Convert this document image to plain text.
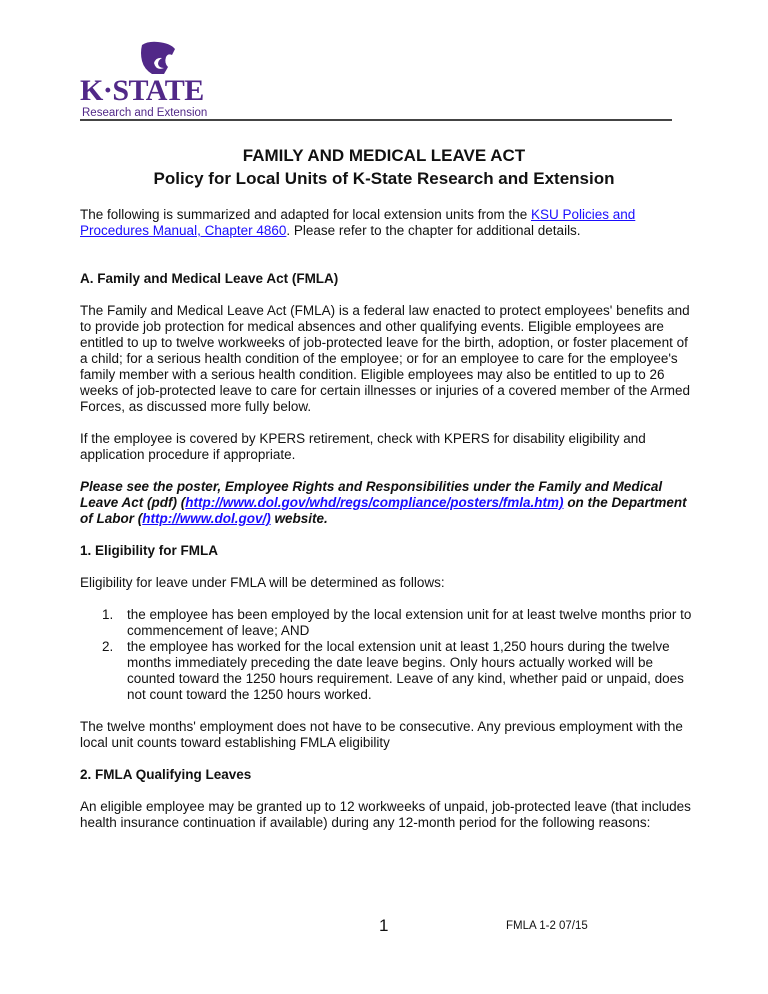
K·STATE
Research and Extension
FAMILY AND MEDICAL LEAVE ACT
Policy for Local Units of K-State Research and Extension

The following is summarized and adapted for local extension units from the KSU Policies and Procedures Manual, Chapter 4860. Please refer to the chapter for additional details.

A. Family and Medical Leave Act (FMLA)

The Family and Medical Leave Act (FMLA) is a federal law enacted to protect employees' benefits and to provide job protection for medical absences and other qualifying events. Eligible employees are entitled to up to twelve workweeks of job-protected leave for the birth, adoption, or foster placement of a child; for a serious health condition of the employee; or for an employee to care for the employee's family member with a serious health condition. Eligible employees may also be entitled to up to 26 weeks of job-protected leave to care for certain illnesses or injuries of a covered member of the Armed Forces, as discussed more fully below.

If the employee is covered by KPERS retirement, check with KPERS for disability eligibility and application procedure if appropriate.

Please see the poster, Employee Rights and Responsibilities under the Family and Medical Leave Act (pdf) (http://www.dol.gov/whd/regs/compliance/posters/fmla.htm) on the Department of Labor (http://www.dol.gov/) website.

1. Eligibility for FMLA

Eligibility for leave under FMLA will be determined as follows:

1. the employee has been employed by the local extension unit for at least twelve months prior to commencement of leave; AND
2. the employee has worked for the local extension unit at least 1,250 hours during the twelve months immediately preceding the date leave begins. Only hours actually worked will be counted toward the 1250 hours requirement. Leave of any kind, whether paid or unpaid, does not count toward the 1250 hours worked.

The twelve months' employment does not have to be consecutive. Any previous employment with the local unit counts toward establishing FMLA eligibility

2. FMLA Qualifying Leaves

An eligible employee may be granted up to 12 workweeks of unpaid, job-protected leave (that includes health insurance continuation if available) during any 12-month period for the following reasons:

1	FMLA 1-2 07/15
